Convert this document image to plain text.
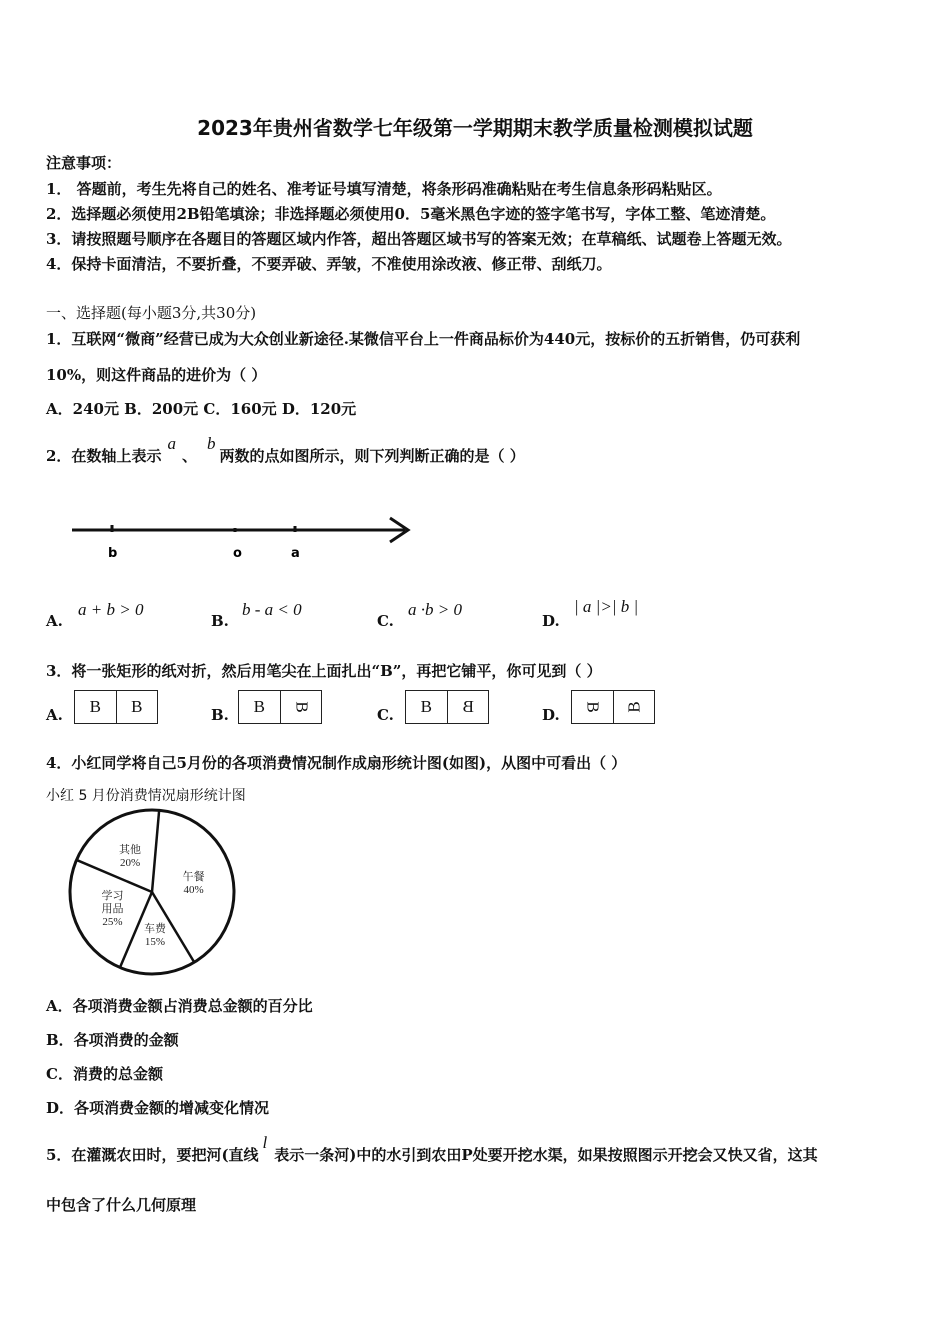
2023年贵州省数学七年级第一学期期末教学质量检测模拟试题
注意事项：
1． 答题前，考生先将自己的姓名、准考证号填写清楚，将条形码准确粘贴在考生信息条形码粘贴区。
2．选择题必须使用2B铅笔填涂；非选择题必须使用0．5毫米黑色字迹的签字笔书写，字体工整、笔迹清楚。
3．请按照题号顺序在各题目的答题区域内作答，超出答题区域书写的答案无效；在草稿纸、试题卷上答题无效。
4．保持卡面清洁，不要折叠，不要弄破、弄皱，不准使用涂改液、修正带、刮纸刀。
一、选择题(每小题3分,共30分)
1．互联网“微商”经营已成为大众创业新途径.某微信平台上一件商品标价为440元，按标价的五折销售，仍可获利
10%，则这件商品的进价为（ ）
A．240元 B．200元 C．160元 D．120元
2．在数轴上表示a、b两数的点如图所示，则下列判断正确的是（ ）
b	o	a
A.
a + b > 0
B.
b - a < 0
C.
a ·b > 0
D.
| a |>| b |
3．将一张矩形的纸对折，然后用笔尖在上面扎出“B”，再把它铺平，你可见到（ ）
A.	B	B	B.	B	B	C.	B	B	D. B B
4．小红同学将自己5月份的各项消费情况制作成扇形统计图(如图)，从图中可看出（ ）
小红 5 月份消费情况扇形统计图
午餐 40%
车费 15%
学习用品 25%
其他 20%
A．各项消费金额占消费总金额的百分比
B．各项消费的金额
C．消费的总金额
D．各项消费金额的增减变化情况
5．在灌溉农田时，要把河(直线l表示一条河)中的水引到农田P处要开挖水渠，如果按照图示开挖会又快又省，这其
中包含了什么几何原理
